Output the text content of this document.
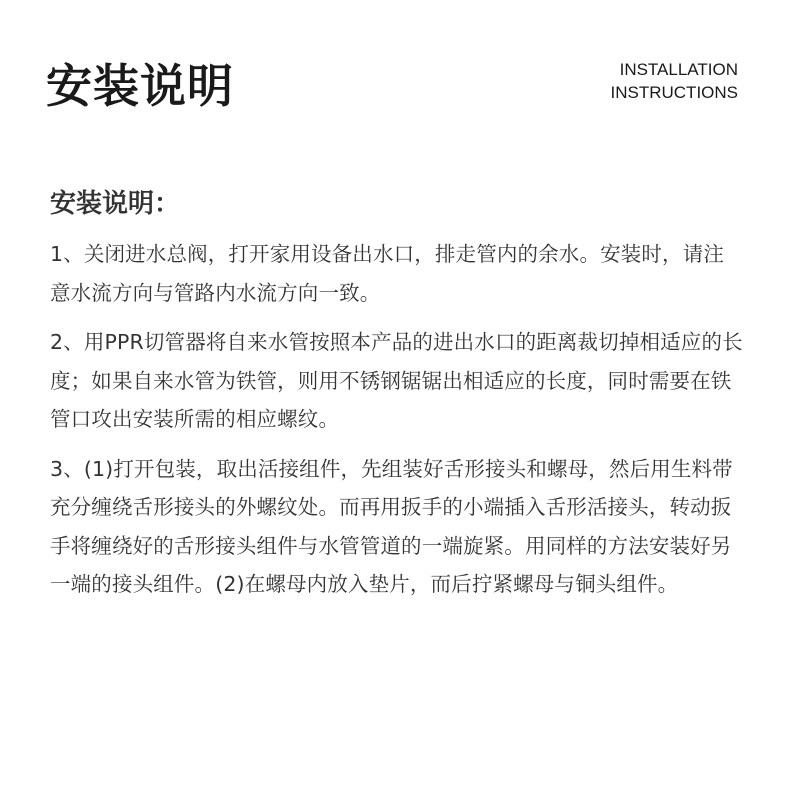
安装说明	INSTALLATION
INSTRUCTIONS
安装说明：

1、关闭进水总阀，打开家用设备出水口，排走管内的余水。安装时，请注意水流方向与管路内水流方向一致。

2、用PPR切管器将自来水管按照本产品的进出水口的距离裁切掉相适应的长度；如果自来水管为铁管，则用不锈钢锯锯出相适应的长度，同时需要在铁管口攻出安装所需的相应螺纹。

3、(1)打开包装，取出活接组件，先组装好舌形接头和螺母，然后用生料带充分缠绕舌形接头的外螺纹处。而再用扳手的小端插入舌形活接头，转动扳手将缠绕好的舌形接头组件与水管管道的一端旋紧。用同样的方法安装好另一端的接头组件。(2)在螺母内放入垫片，而后拧紧螺母与铜头组件。
